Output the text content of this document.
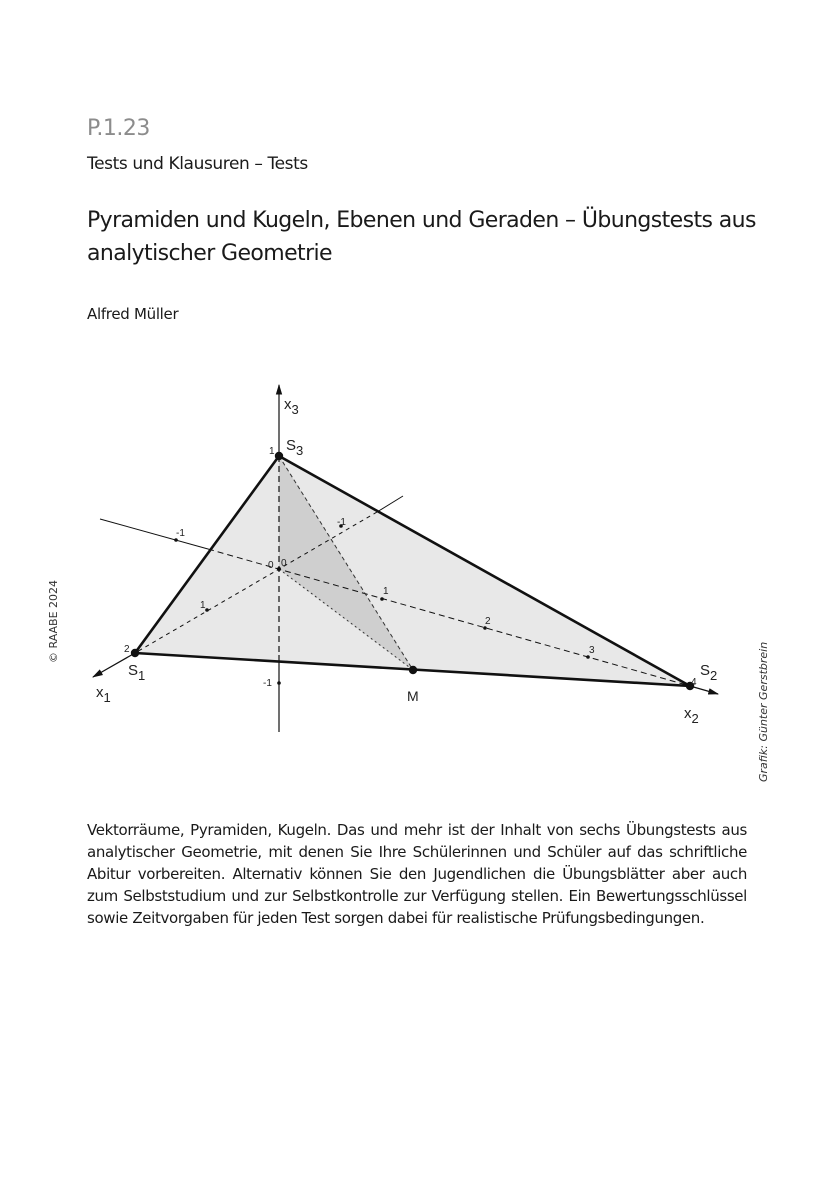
P.1.23
Tests und Klausuren – Tests
Pyramiden und Kugeln, Ebenen und Geraden – Übungstests aus analytischer Geometrie
Alfred Müller
© RAABE 2024
Grafik: Günter Gerstbrein
x3
x1
x2
S3
S1	S2
M
1
-1
2
1
-1
-1
1
2
3
4
0 0
Vektorräume, Pyramiden, Kugeln. Das und mehr ist der Inhalt von sechs Übungstests aus analytischer Geometrie, mit denen Sie Ihre Schülerinnen und Schüler auf das schriftliche Abitur vorbereiten. Alternativ können Sie den Jugendlichen die Übungsblätter aber auch zum Selbststudium und zur Selbstkontrolle zur Verfügung stellen. Ein Bewertungsschlüssel sowie Zeitvorgaben für jeden Test sorgen dabei für realistische Prüfungsbedingungen.
